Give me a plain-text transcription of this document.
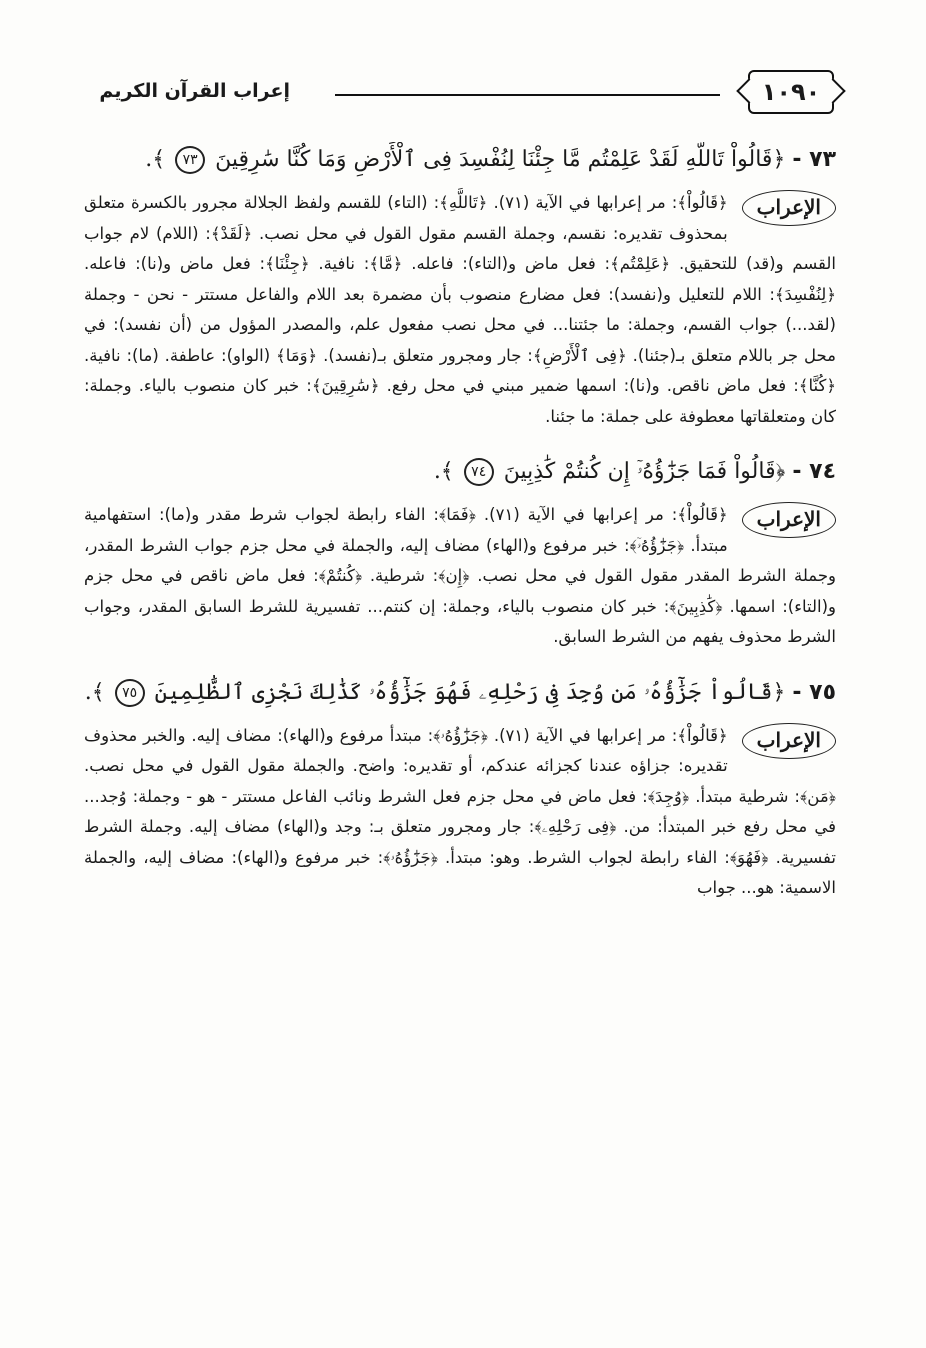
١٠٩٠
إعراب القرآن الكريم
٧٣ - ﴿قَالُواْ تَاللَّهِ لَقَدْ عَلِمْتُم مَّا جِئْنَا لِنُفْسِدَ فِى ٱلْأَرْضِ وَمَا كُنَّا سَٰرِقِينَ ٧٣ ﴾.
الإعراب
﴿قَالُواْ﴾: مر إعرابها في الآية (٧١). ﴿تَاللَّهِ﴾: (التاء) للقسم ولفظ الجلالة مجرور بالكسرة متعلق بمحذوف تقديره: نقسم، وجملة القسم مقول القول في محل نصب. ﴿لَقَدْ﴾: (اللام) لام جواب القسم و(قد) للتحقيق. ﴿عَلِمْتُم﴾: فعل ماض و(التاء): فاعله. ﴿مَّا﴾: نافية. ﴿جِئْنَا﴾: فعل ماض و(نا): فاعله. ﴿لِنُفْسِدَ﴾: اللام للتعليل و(نفسد): فعل مضارع منصوب بأن مضمرة بعد اللام والفاعل مستتر - نحن - وجملة (لقد...) جواب القسم، وجملة: ما جئتنا... في محل نصب مفعول علم، والمصدر المؤول من (أن نفسد): في محل جر باللام متعلق بـ(جئنا). ﴿فِى ٱلْأَرْضِ﴾: جار ومجرور متعلق بـ(نفسد). ﴿وَمَا﴾ (الواو): عاطفة. (ما): نافية. ﴿كُنَّا﴾: فعل ماض ناقص. و(نا): اسمها ضمير مبني في محل رفع. ﴿سَٰرِقِينَ﴾: خبر كان منصوب بالياء. وجملة: كان ومتعلقاتها معطوفة على جملة: ما جئنا.
٧٤ - ﴿قَالُواْ فَمَا جَزَٰٓؤُهُۥٓ إِن كُنتُمْ كَٰذِبِينَ ٧٤ ﴾.
الإعراب
﴿قَالُواْ﴾: مر إعرابها في الآية (٧١). ﴿فَمَا﴾: الفاء رابطة لجواب شرط مقدر و(ما): استفهامية مبتدأ. ﴿جَزَٰٓؤُهُۥٓ﴾: خبر مرفوع و(الهاء) مضاف إليه، والجملة في محل جزم جواب الشرط المقدر، وجملة الشرط المقدر مقول القول في محل نصب. ﴿إِن﴾: شرطية. ﴿كُنتُمْ﴾: فعل ماض ناقص في محل جزم و(التاء): اسمها. ﴿كَٰذِبِينَ﴾: خبر كان منصوب بالياء، وجملة: إن كنتم... تفسيرية للشرط السابق المقدر، وجواب الشرط محذوف يفهم من الشرط السابق.
٧٥ - ﴿قَالُواْ جَزَٰٓؤُهُۥ مَن وُجِدَ فِى رَحْلِهِۦ فَهُوَ جَزَٰٓؤُهُۥ كَذَٰلِكَ نَجْزِى ٱلظَّٰلِمِينَ ٧٥ ﴾.
الإعراب
﴿قَالُواْ﴾: مر إعرابها في الآية (٧١). ﴿جَزَٰٓؤُهُۥ﴾: مبتدأ مرفوع و(الهاء): مضاف إليه. والخبر محذوف تقديره: جزاؤه عندنا كجزائه عندكم، أو تقديره: واضح. والجملة مقول القول في محل نصب. ﴿مَن﴾: شرطية مبتدأ. ﴿وُجِدَ﴾: فعل ماض في محل جزم فعل الشرط ونائب الفاعل مستتر - هو - وجملة: وُجد... في محل رفع خبر المبتدأ: من. ﴿فِى رَحْلِهِۦ﴾: جار ومجرور متعلق بـ: وجد و(الهاء) مضاف إليه. وجملة الشرط تفسيرية. ﴿فَهُوَ﴾: الفاء رابطة لجواب الشرط. وهو: مبتدأ. ﴿جَزَٰٓؤُهُۥ﴾: خبر مرفوع و(الهاء): مضاف إليه، والجملة الاسمية: هو... جواب
